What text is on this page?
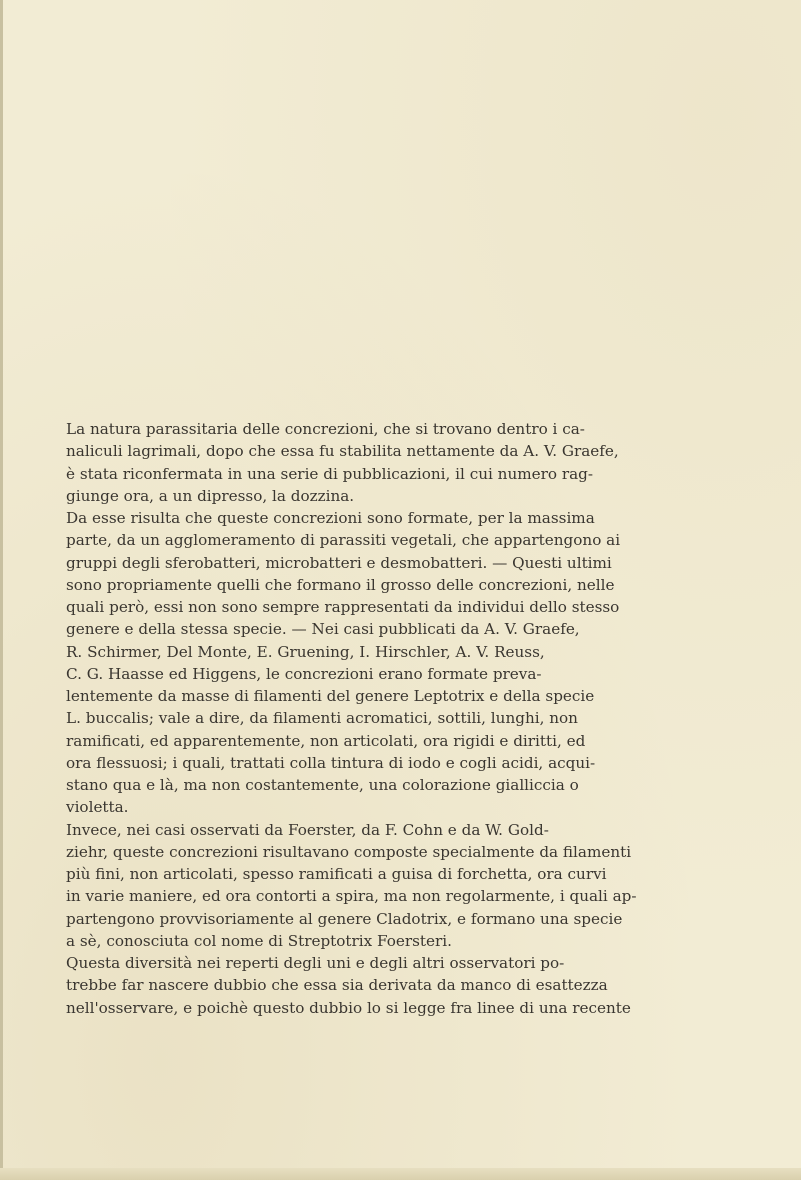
La natura parassitaria delle concrezioni, che si trovano dentro i ca-
naliculi lagrimali, dopo che essa fu stabilita nettamente da A. V. Graefe,
è stata riconfermata in una serie di pubblicazioni, il cui numero rag-
giunge ora, a un dipresso, la dozzina.

Da esse risulta che queste concrezioni sono formate, per la massima
parte, da un agglomeramento di parassiti vegetali, che appartengono ai
gruppi degli sferobatteri, microbatteri e desmobatteri. — Questi ultimi
sono propriamente quelli che formano il grosso delle concrezioni, nelle
quali però, essi non sono sempre rappresentati da individui dello stesso
genere e della stessa specie. — Nei casi pubblicati da A. V. Graefe,
R. Schirmer, Del Monte, E. Gruening, I. Hirschler, A. V. Reuss,
C. G. Haasse ed Higgens, le concrezioni erano formate preva-
lentemente da masse di filamenti del genere Leptotrix e della specie
L. buccalis; vale a dire, da filamenti acromatici, sottili, lunghi, non
ramificati, ed apparentemente, non articolati, ora rigidi e diritti, ed
ora flessuosi; i quali, trattati colla tintura di iodo e cogli acidi, acqui-
stano qua e là, ma non costantemente, una colorazione gialliccia o
violetta.

Invece, nei casi osservati da Foerster, da F. Cohn e da W. Gold-
ziehr, queste concrezioni risultavano composte specialmente da filamenti
più fini, non articolati, spesso ramificati a guisa di forchetta, ora curvi
in varie maniere, ed ora contorti a spira, ma non regolarmente, i quali ap-
partengono provvisoriamente al genere Cladotrix, e formano una specie
a sè, conosciuta col nome di Streptotrix Foersteri.

Questa diversità nei reperti degli uni e degli altri osservatori po-
trebbe far nascere dubbio che essa sia derivata da manco di esattezza
nell'osservare, e poichè questo dubbio lo si legge fra linee di una recente
